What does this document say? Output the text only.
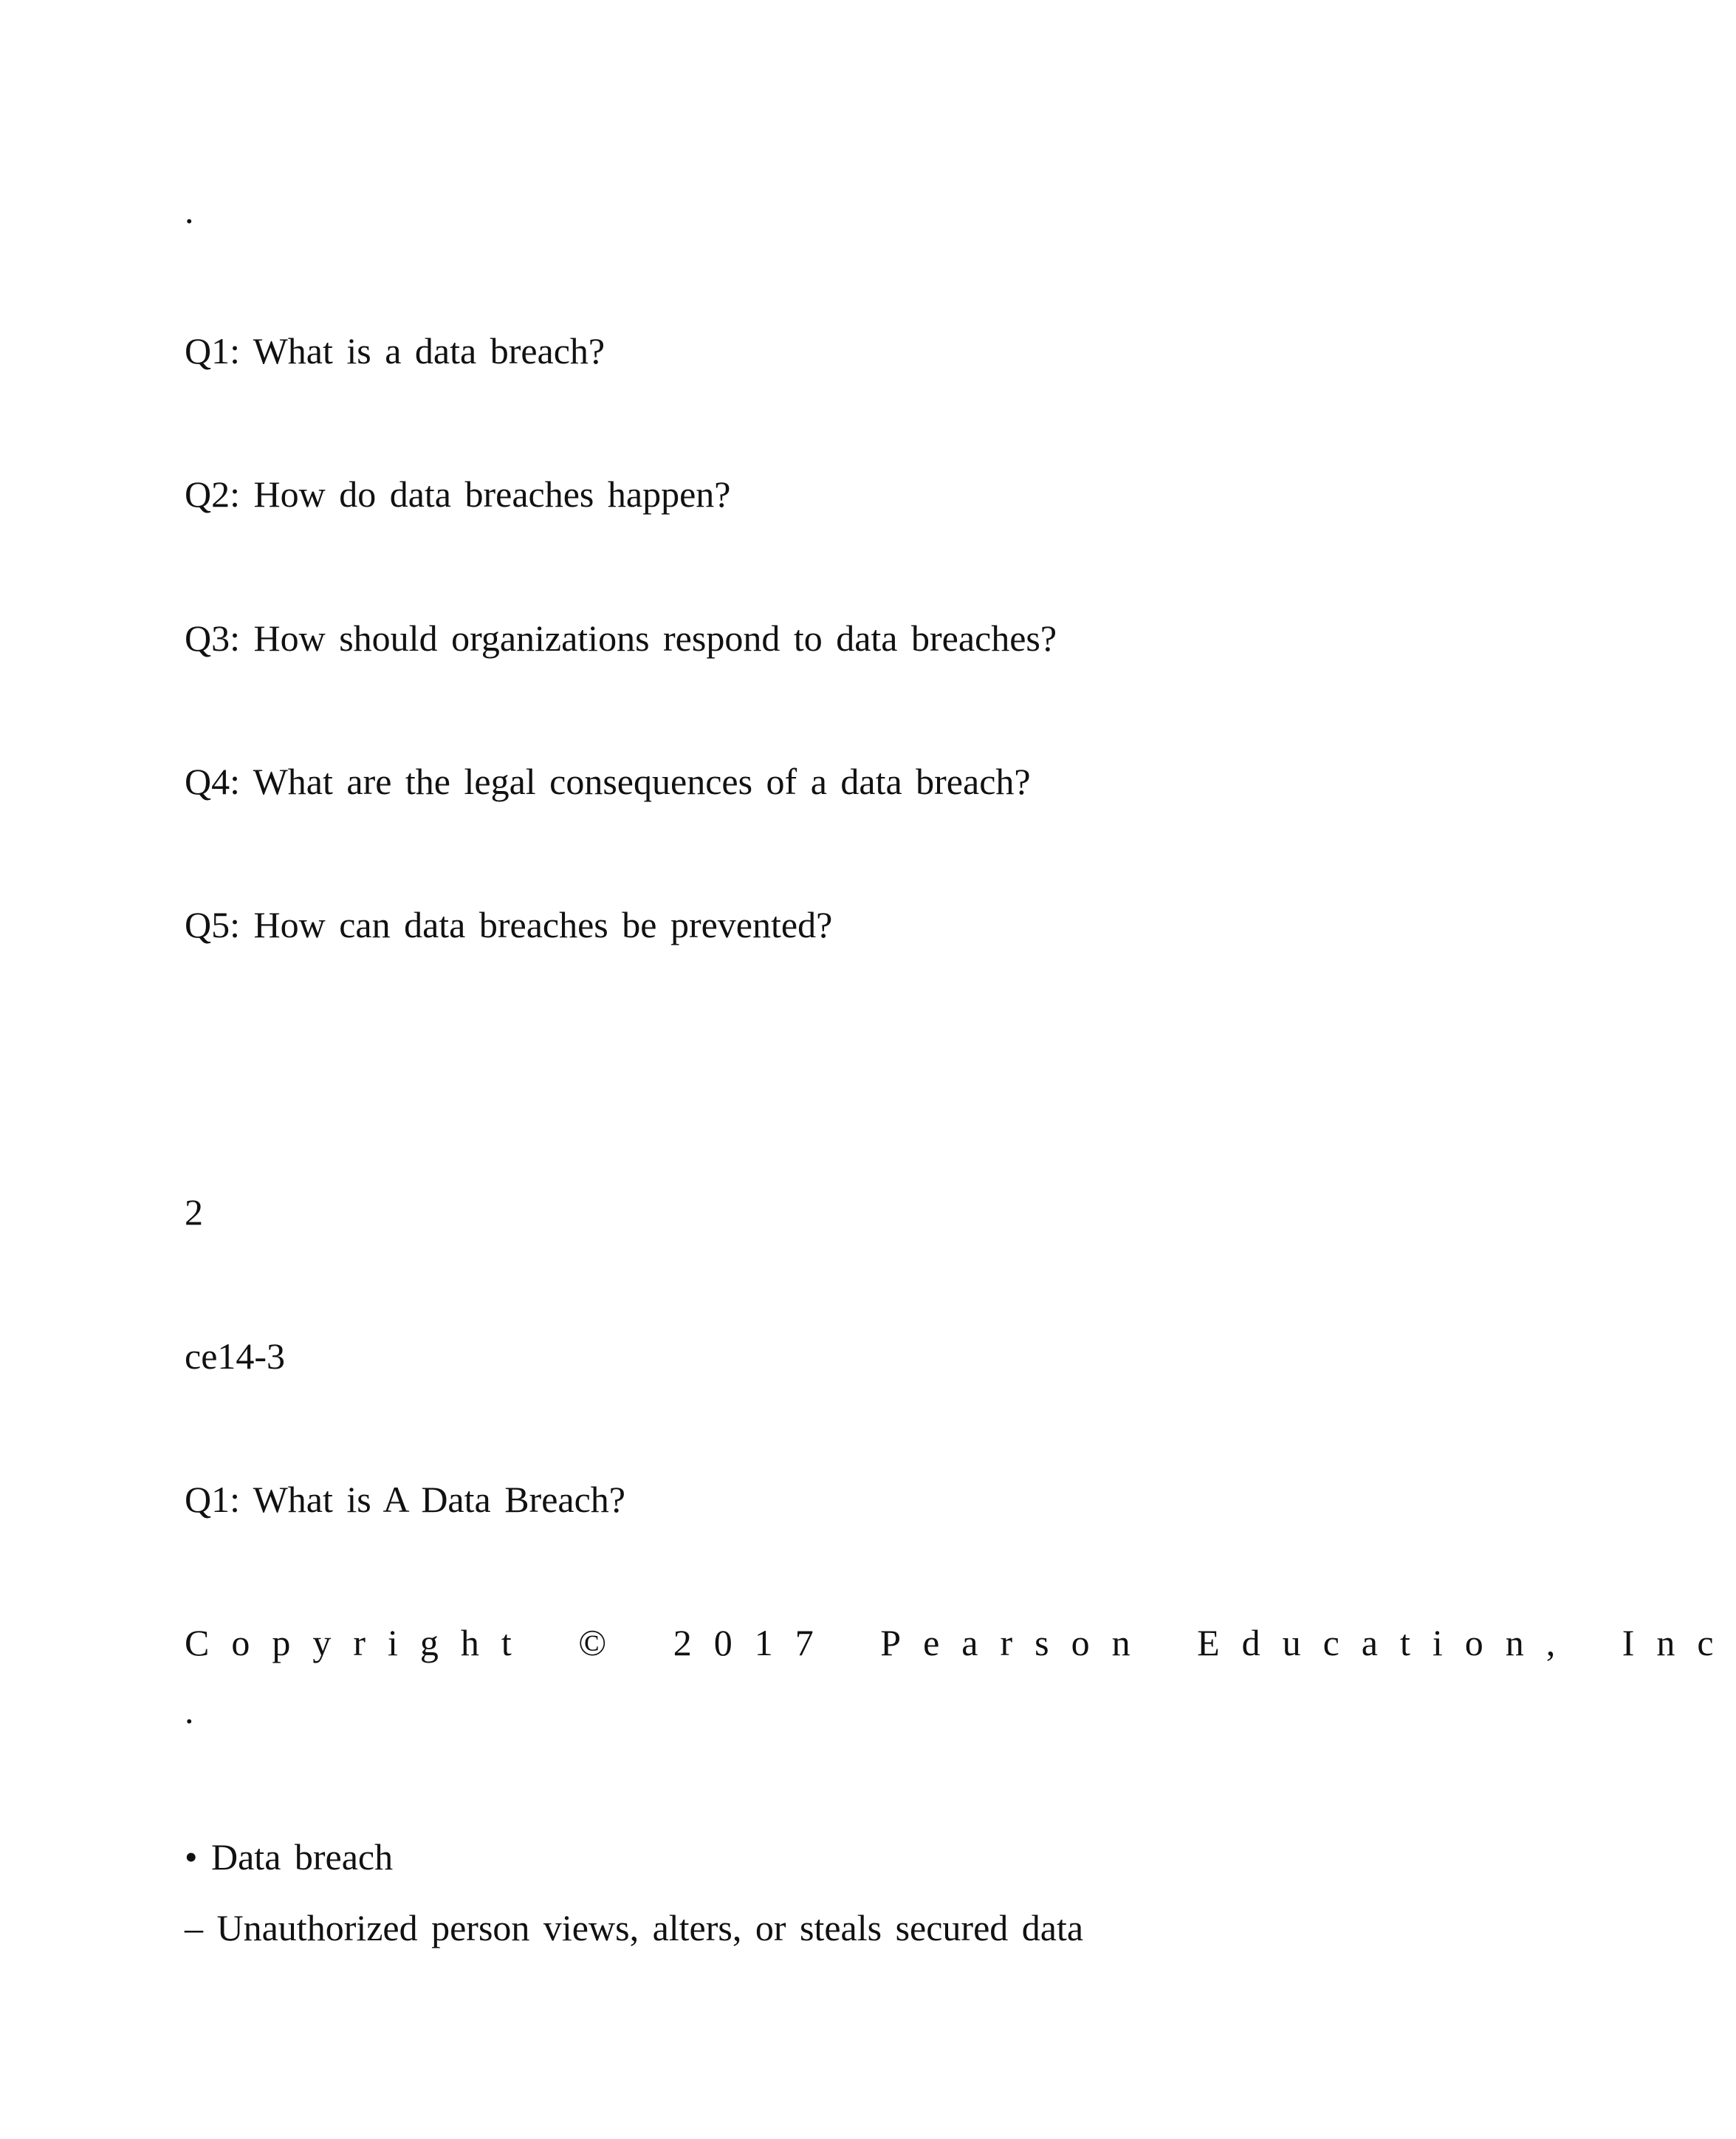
.
Q1: What is a data breach?
Q2: How do data breaches happen?
Q3: How should organizations respond to data breaches?
Q4: What are the legal consequences of a data breach?
Q5: How can data breaches be prevented?
2
ce14-3
Q1: What is A Data Breach?
Copyright © 2017 Pearson Education, Inc
.
• Data breach
– Unauthorized person views, alters, or steals secured data
